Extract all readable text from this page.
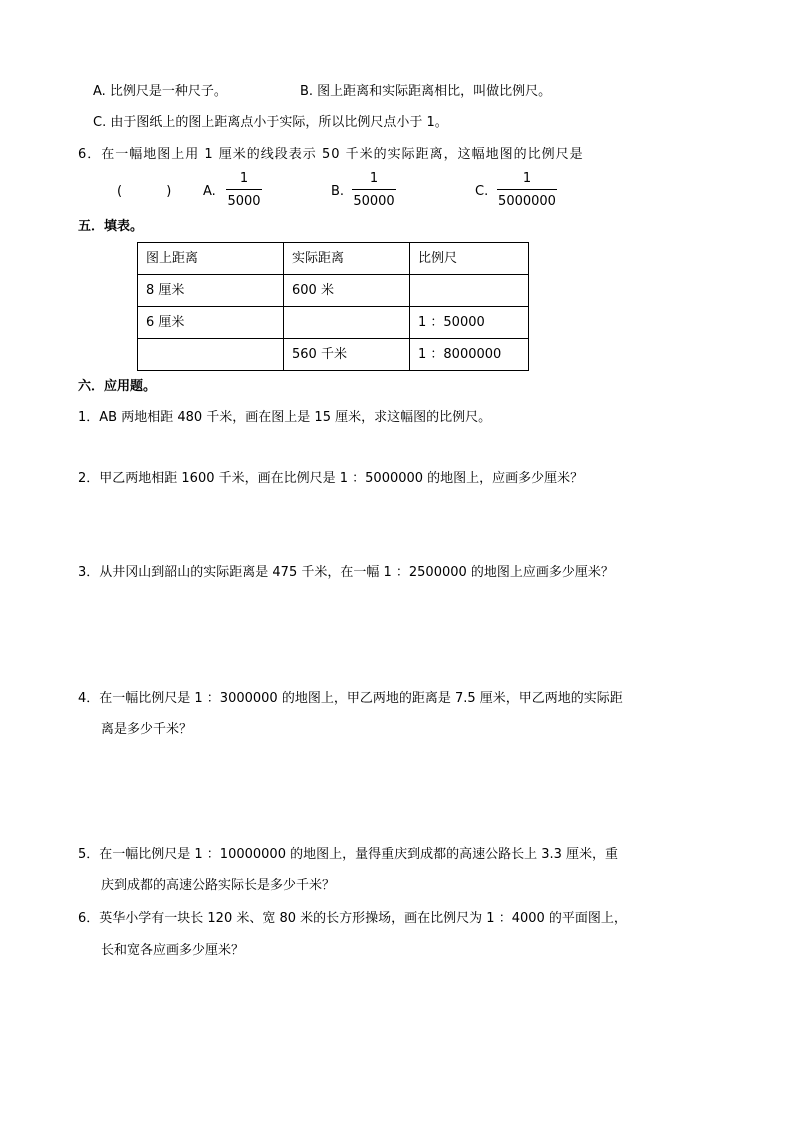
A. 比例尺是一种尺子。	B. 图上距离和实际距离相比，叫做比例尺。
C. 由于图纸上的图上距离点小于实际，所以比例尺点小于 1。
6．在一幅地图上用 1 厘米的线段表示 50 千米的实际距离，这幅地图的比例尺是
( ) A.
1
5000
B.
1
50000
C.
1
5000000
五．填表。
图上距离	实际距离	比例尺
8 厘米	600 米	
6 厘米		1 ：50000
	560 千米	1 ：8000000
六．应用题。
1．AB 两地相距 480 千米，画在图上是 15 厘米，求这幅图的比例尺。
2．甲乙两地相距 1600 千米，画在比例尺是 1 ：5000000 的地图上，应画多少厘米？
3．从井冈山到韶山的实际距离是 475 千米，在一幅 1 ：2500000 的地图上应画多少厘米？
4．在一幅比例尺是 1 ：3000000 的地图上，甲乙两地的距离是 7.5 厘米，甲乙两地的实际距
离是多少千米？
5．在一幅比例尺是 1 ：10000000 的地图上，量得重庆到成都的高速公路长上 3.3 厘米，重
庆到成都的高速公路实际长是多少千米？
6．英华小学有一块长 120 米、宽 80 米的长方形操场，画在比例尺为 1 ：4000 的平面图上，
长和宽各应画多少厘米？
